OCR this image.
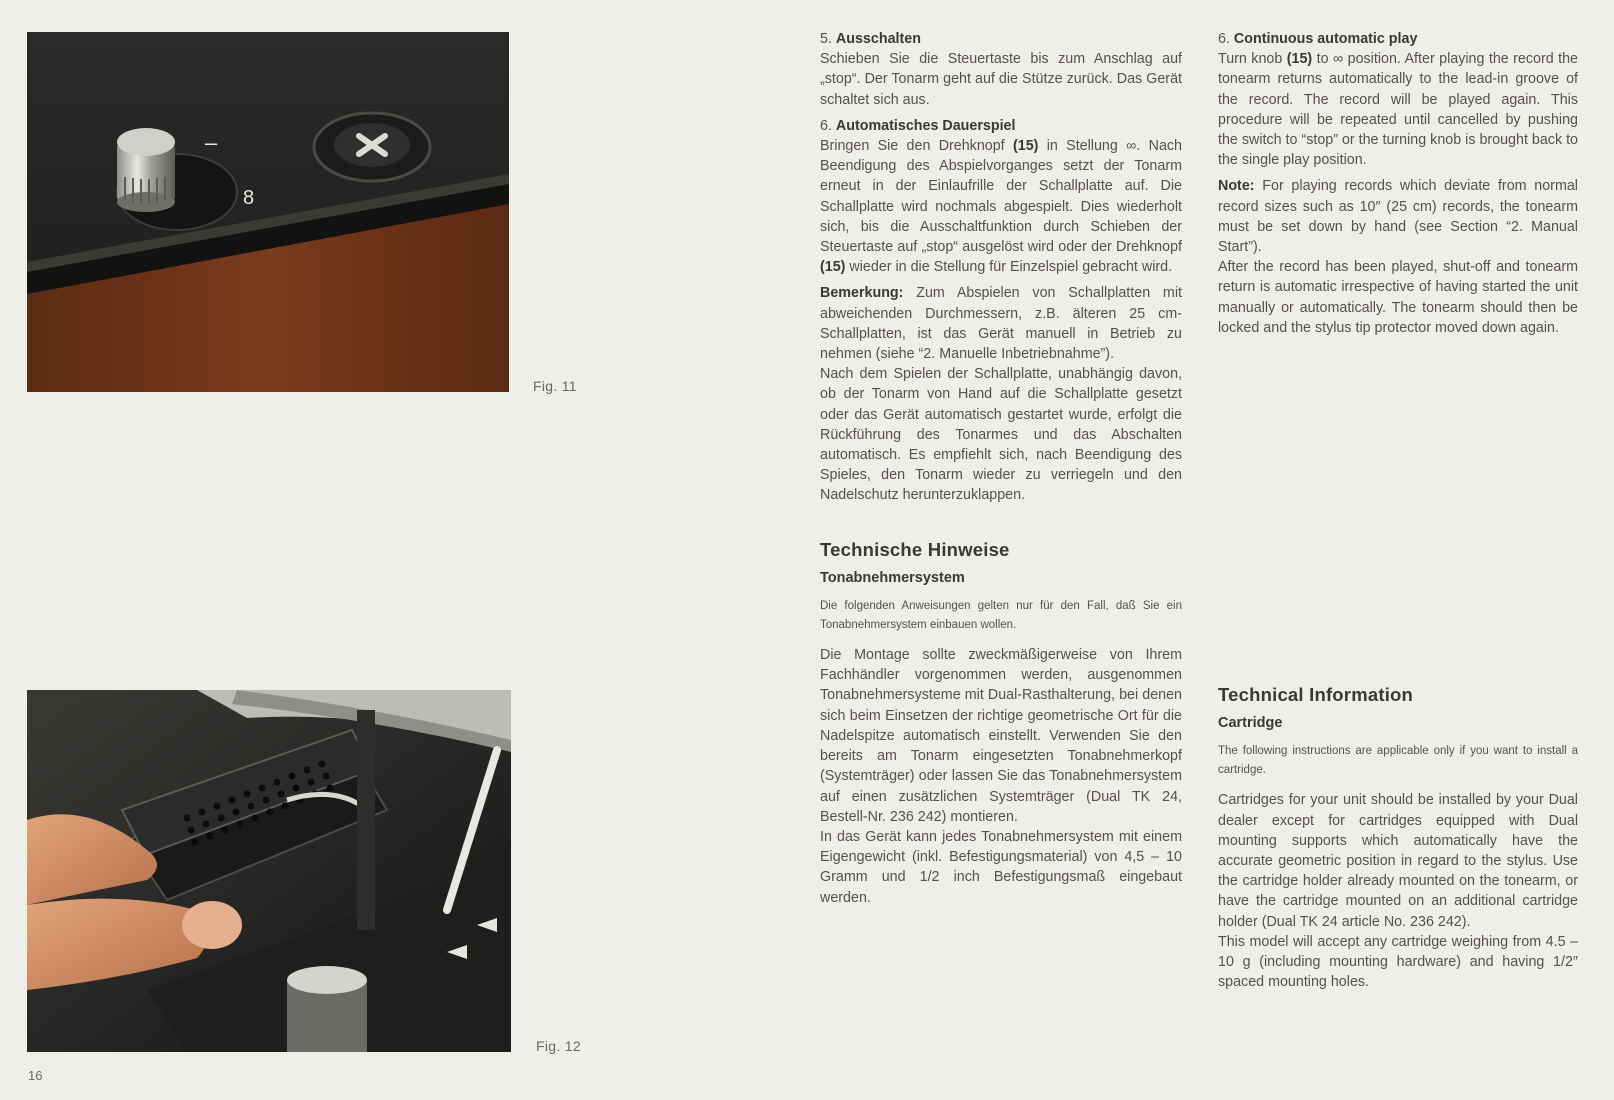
–
8
Fig. 11
Fig. 12
16

5. Ausschalten
Schieben Sie die Steuertaste bis zum Anschlag auf „stop“. Der Tonarm geht auf die Stütze zurück. Das Gerät schaltet sich aus.

6. Automatisches Dauerspiel
Bringen Sie den Drehknopf (15) in Stellung ∞. Nach Beendigung des Abspielvorganges setzt der Tonarm erneut in der Einlaufrille der Schallplatte auf. Die Schallplatte wird nochmals abgespielt. Dies wiederholt sich, bis die Ausschaltfunktion durch Schieben der Steuertaste auf „stop“ ausgelöst wird oder der Drehknopf (15) wieder in die Stellung für Einzelspiel gebracht wird.

Bemerkung: Zum Abspielen von Schallplatten mit abweichenden Durchmessern, z.B. älteren 25 cm-Schallplatten, ist das Gerät manuell in Betrieb zu nehmen (siehe “2. Manuelle Inbetriebnahme”).

Nach dem Spielen der Schallplatte, unabhängig davon, ob der Tonarm von Hand auf die Schallplatte gesetzt oder das Gerät automatisch gestartet wurde, erfolgt die Rückführung des Tonarmes und das Abschalten automatisch. Es empfiehlt sich, nach Beendigung des Spieles, den Tonarm wieder zu verriegeln und den Nadelschutz herunterzuklappen.

Technische Hinweise
Tonabnehmersystem

Die folgenden Anweisungen gelten nur für den Fall, daß Sie ein Tonabnehmersystem einbauen wollen.

Die Montage sollte zweckmäßigerweise von Ihrem Fachhändler vorgenommen werden, ausgenommen Tonabnehmersysteme mit Dual-Rasthalterung, bei denen sich beim Einsetzen der richtige geometrische Ort für die Nadelspitze automatisch einstellt. Verwenden Sie den bereits am Tonarm eingesetzten Tonabnehmerkopf (Systemträger) oder lassen Sie das Tonabnehmersystem auf einen zusätzlichen Systemträger (Dual TK 24, Bestell-Nr. 236 242) montieren.

In das Gerät kann jedes Tonabnehmersystem mit einem Eigengewicht (inkl. Befestigungsmaterial) von 4,5 – 10 Gramm und 1/2 inch Befestigungsmaß eingebaut werden.

6. Continuous automatic play
Turn knob (15) to ∞ position. After playing the record the tonearm returns automatically to the lead-in groove of the record. The record will be played again. This procedure will be repeated until cancelled by pushing the switch to “stop” or the turning knob is brought back to the single play position.

Note: For playing records which deviate from normal record sizes such as 10″ (25 cm) records, the tonearm must be set down by hand (see Section “2. Manual Start”).

After the record has been played, shut-off and tonearm return is automatic irrespective of having started the unit manually or automatically. The tonearm should then be locked and the stylus tip protector moved down again.

Technical Information
Cartridge

The following instructions are applicable only if you want to install a cartridge.

Cartridges for your unit should be installed by your Dual dealer except for cartridges equipped with Dual mounting supports which automatically have the accurate geometric position in regard to the stylus. Use the cartridge holder already mounted on the tonearm, or have the cartridge mounted on an additional cartridge holder (Dual TK 24 article No. 236 242).

This model will accept any cartridge weighing from 4.5 – 10 g (including mounting hardware) and having 1/2″ spaced mounting holes.
